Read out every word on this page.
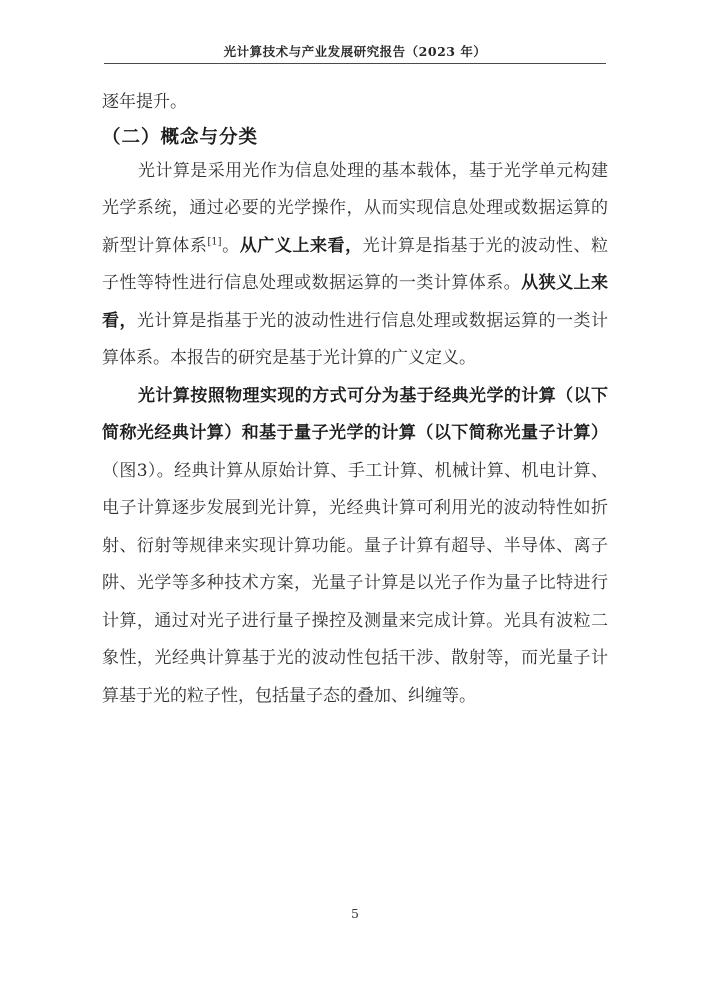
光计算技术与产业发展研究报告（2023 年）

逐年提升。

（二）概念与分类

光计算是采用光作为信息处理的基本载体，基于光学单元构建光学系统，通过必要的光学操作，从而实现信息处理或数据运算的新型计算体系[1]。从广义上来看，光计算是指基于光的波动性、粒子性等特性进行信息处理或数据运算的一类计算体系。从狭义上来看，光计算是指基于光的波动性进行信息处理或数据运算的一类计算体系。本报告的研究是基于光计算的广义定义。

光计算按照物理实现的方式可分为基于经典光学的计算（以下简称光经典计算）和基于量子光学的计算（以下简称光量子计算）（图3）。经典计算从原始计算、手工计算、机械计算、机电计算、电子计算逐步发展到光计算，光经典计算可利用光的波动特性如折射、衍射等规律来实现计算功能。量子计算有超导、半导体、离子阱、光学等多种技术方案，光量子计算是以光子作为量子比特进行计算，通过对光子进行量子操控及测量来完成计算。光具有波粒二象性，光经典计算基于光的波动性包括干涉、散射等，而光量子计算基于光的粒子性，包括量子态的叠加、纠缠等。

5
